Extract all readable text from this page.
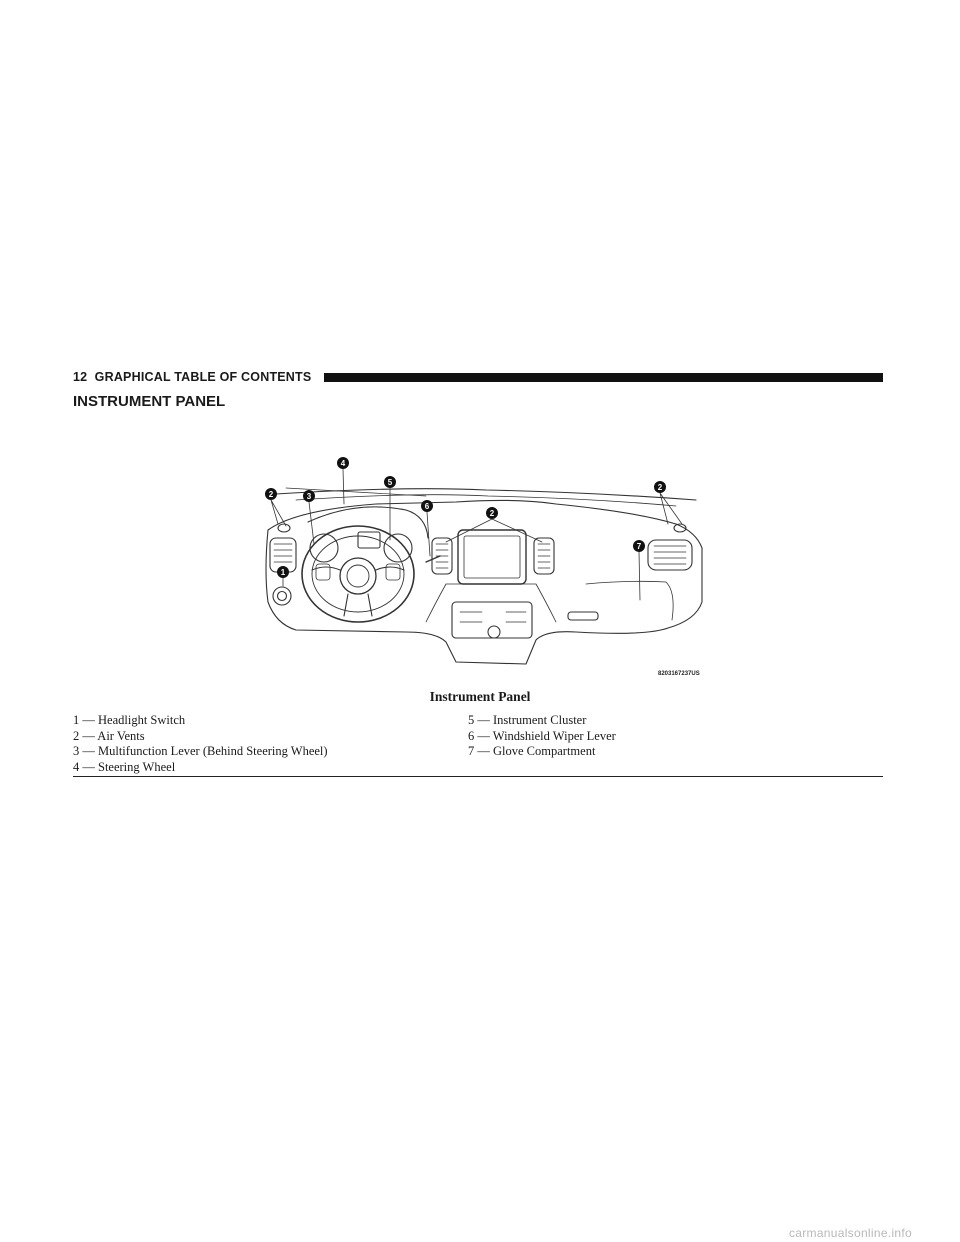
12 GRAPHICAL TABLE OF CONTENTS
INSTRUMENT PANEL
1
2	3
4
5
6
2
2
7
8203167237US
Instrument Panel
1 — Headlight Switch
2 — Air Vents
3 — Multifunction Lever (Behind Steering Wheel)
4 — Steering Wheel
5 — Instrument Cluster
6 — Windshield Wiper Lever
7 — Glove Compartment
carmanualsonline.info
